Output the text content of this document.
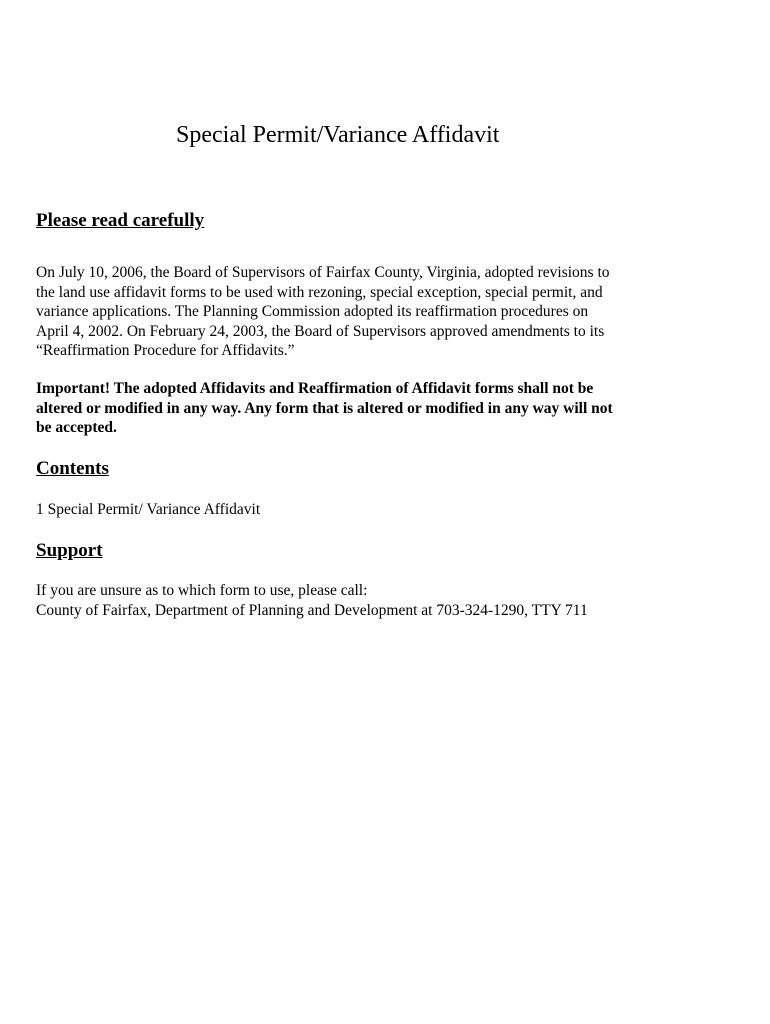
Special Permit/Variance Affidavit
Please read carefully
On July 10, 2006, the Board of Supervisors of Fairfax County, Virginia, adopted revisions to
the land use affidavit forms to be used with rezoning, special exception, special permit, and
variance applications. The Planning Commission adopted its reaffirmation procedures on
April 4, 2002. On February 24, 2003, the Board of Supervisors approved amendments to its
“Reaffirmation Procedure for Affidavits.”
Important! The adopted Affidavits and Reaffirmation of Affidavit forms shall not be
altered or modified in any way. Any form that is altered or modified in any way will not
be accepted.
Contents
1 Special Permit/ Variance Affidavit
Support
If you are unsure as to which form to use, please call:
County of Fairfax, Department of Planning and Development at 703-324-1290, TTY 711
